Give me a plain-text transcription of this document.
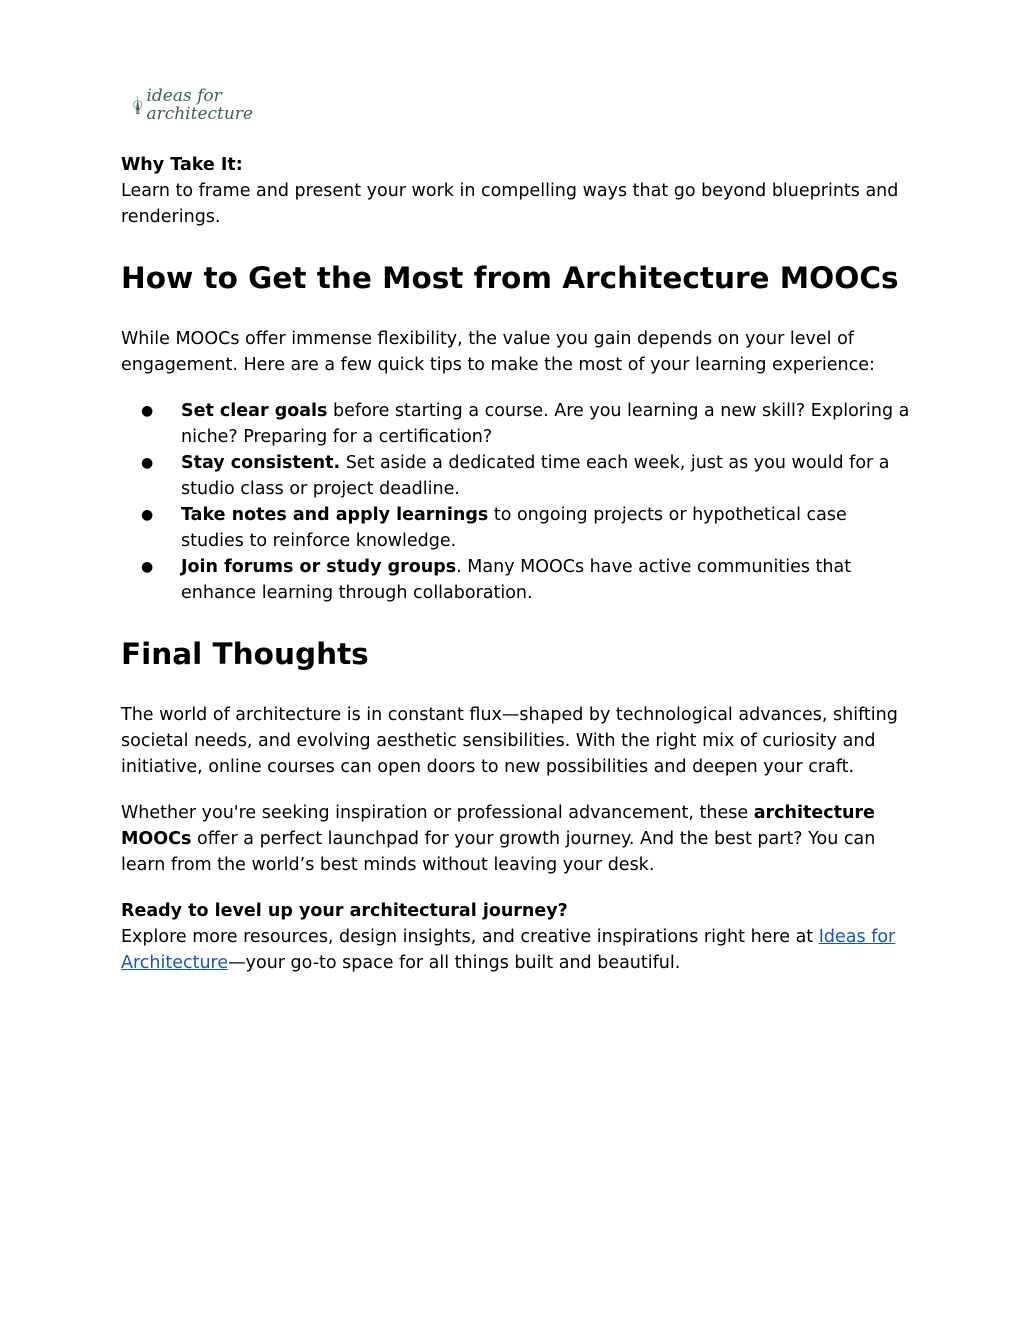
ideas for
architecture

Why Take It:

Learn to frame and present your work in compelling ways that go beyond blueprints and renderings.

How to Get the Most from Architecture MOOCs

While MOOCs offer immense flexibility, the value you gain depends on your level of engagement. Here are a few quick tips to make the most of your learning experience:

● Set clear goals before starting a course. Are you learning a new skill? Exploring a niche? Preparing for a certification?
● Stay consistent. Set aside a dedicated time each week, just as you would for a studio class or project deadline.
● Take notes and apply learnings to ongoing projects or hypothetical case studies to reinforce knowledge.
● Join forums or study groups. Many MOOCs have active communities that enhance learning through collaboration.
Final Thoughts

The world of architecture is in constant flux—shaped by technological advances, shifting societal needs, and evolving aesthetic sensibilities. With the right mix of curiosity and initiative, online courses can open doors to new possibilities and deepen your craft.

Whether you're seeking inspiration or professional advancement, these architecture MOOCs offer a perfect launchpad for your growth journey. And the best part? You can learn from the world’s best minds without leaving your desk.

Ready to level up your architectural journey?

Explore more resources, design insights, and creative inspirations right here at Ideas for Architecture—your go-to space for all things built and beautiful.
